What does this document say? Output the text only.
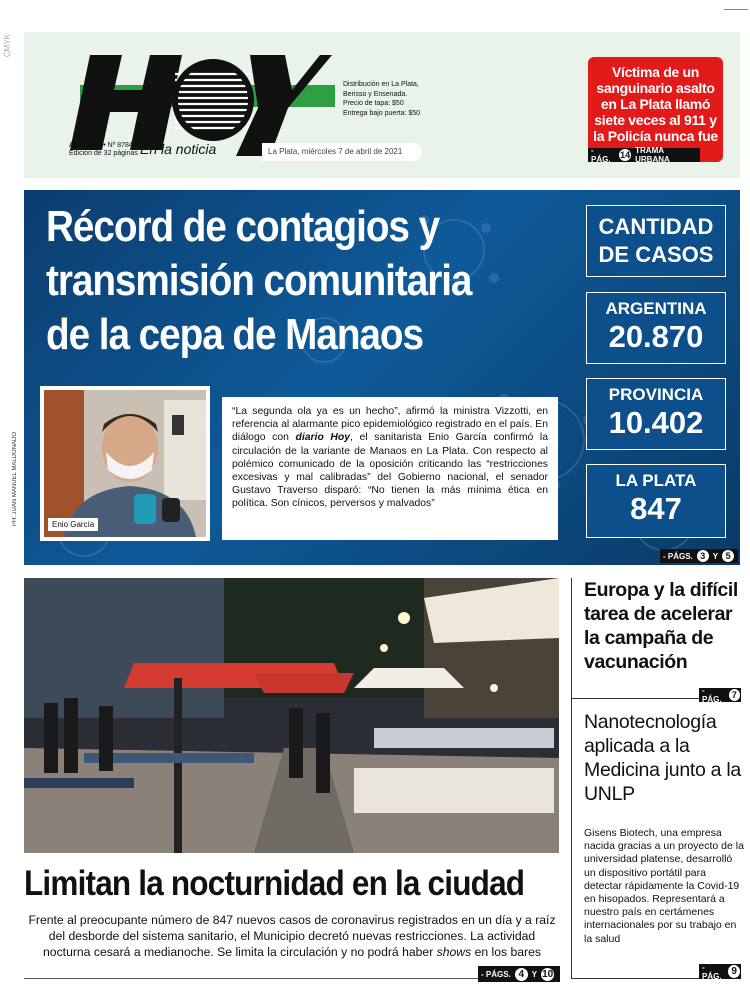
CMYK
En la noticia
Año XXVII • Nº 8784
Edición de 32 páginas
Distribución en La Plata,
Berisso y Ensenada.
Precio de tapa: $50
Entrega bajo puerta: $50
La Plata, miércoles 7 de abril de 2021
Víctima de un sanguinario asalto en La Plata llamó siete veces al 911 y la Policía nunca fue
- PÁG.	14 TRAMA URBANA
Récord de contagios y
transmisión comunitaria
de la cepa de Manaos
Enio García
PH: JUAN MANUEL MALDONADO
“La segunda ola ya es un hecho”, afirmó la ministra Vizzotti, en referencia al alarmante pico epidemiológico registrado en el país. En diálogo con diario Hoy, el sanitarista Enio García confirmó la circulación de la variante de Manaos en La Plata. Con respecto al polémico comunicado de la oposición criticando las “restricciones excesivas y mal calibradas” del Gobierno nacional, el senador Gustavo Traverso disparó: “No tienen la más mínima ética en política. Son cínicos, perversos y malvados”
CANTIDAD
DE CASOS
ARGENTINA
20.870
PROVINCIA
10.402
LA PLATA
847
- PÁGS. 3 Y 5
Limitan la nocturnidad en la ciudad
Frente al preocupante número de 847 nuevos casos de coronavirus registrados en un día y a raíz del desborde del sistema sanitario, el Municipio decretó nuevas restricciones. La actividad nocturna cesará a medianoche. Se limita la circulación y no podrá haber shows en los bares
- PÁGS. 4 Y 10
Europa y la difícil tarea de acelerar la campaña de vacunación
- PÁG.	7
Nanotecnología aplicada a la Medicina junto a la UNLP
Gisens Biotech, una empresa nacida gracias a un proyecto de la universidad platense, desarrolló un dispositivo portátil para detectar rápidamente la Covid-19 en hisopados. Representará a nuestro país en certámenes internacionales por su trabajo en la salud
- PÁG. 9
